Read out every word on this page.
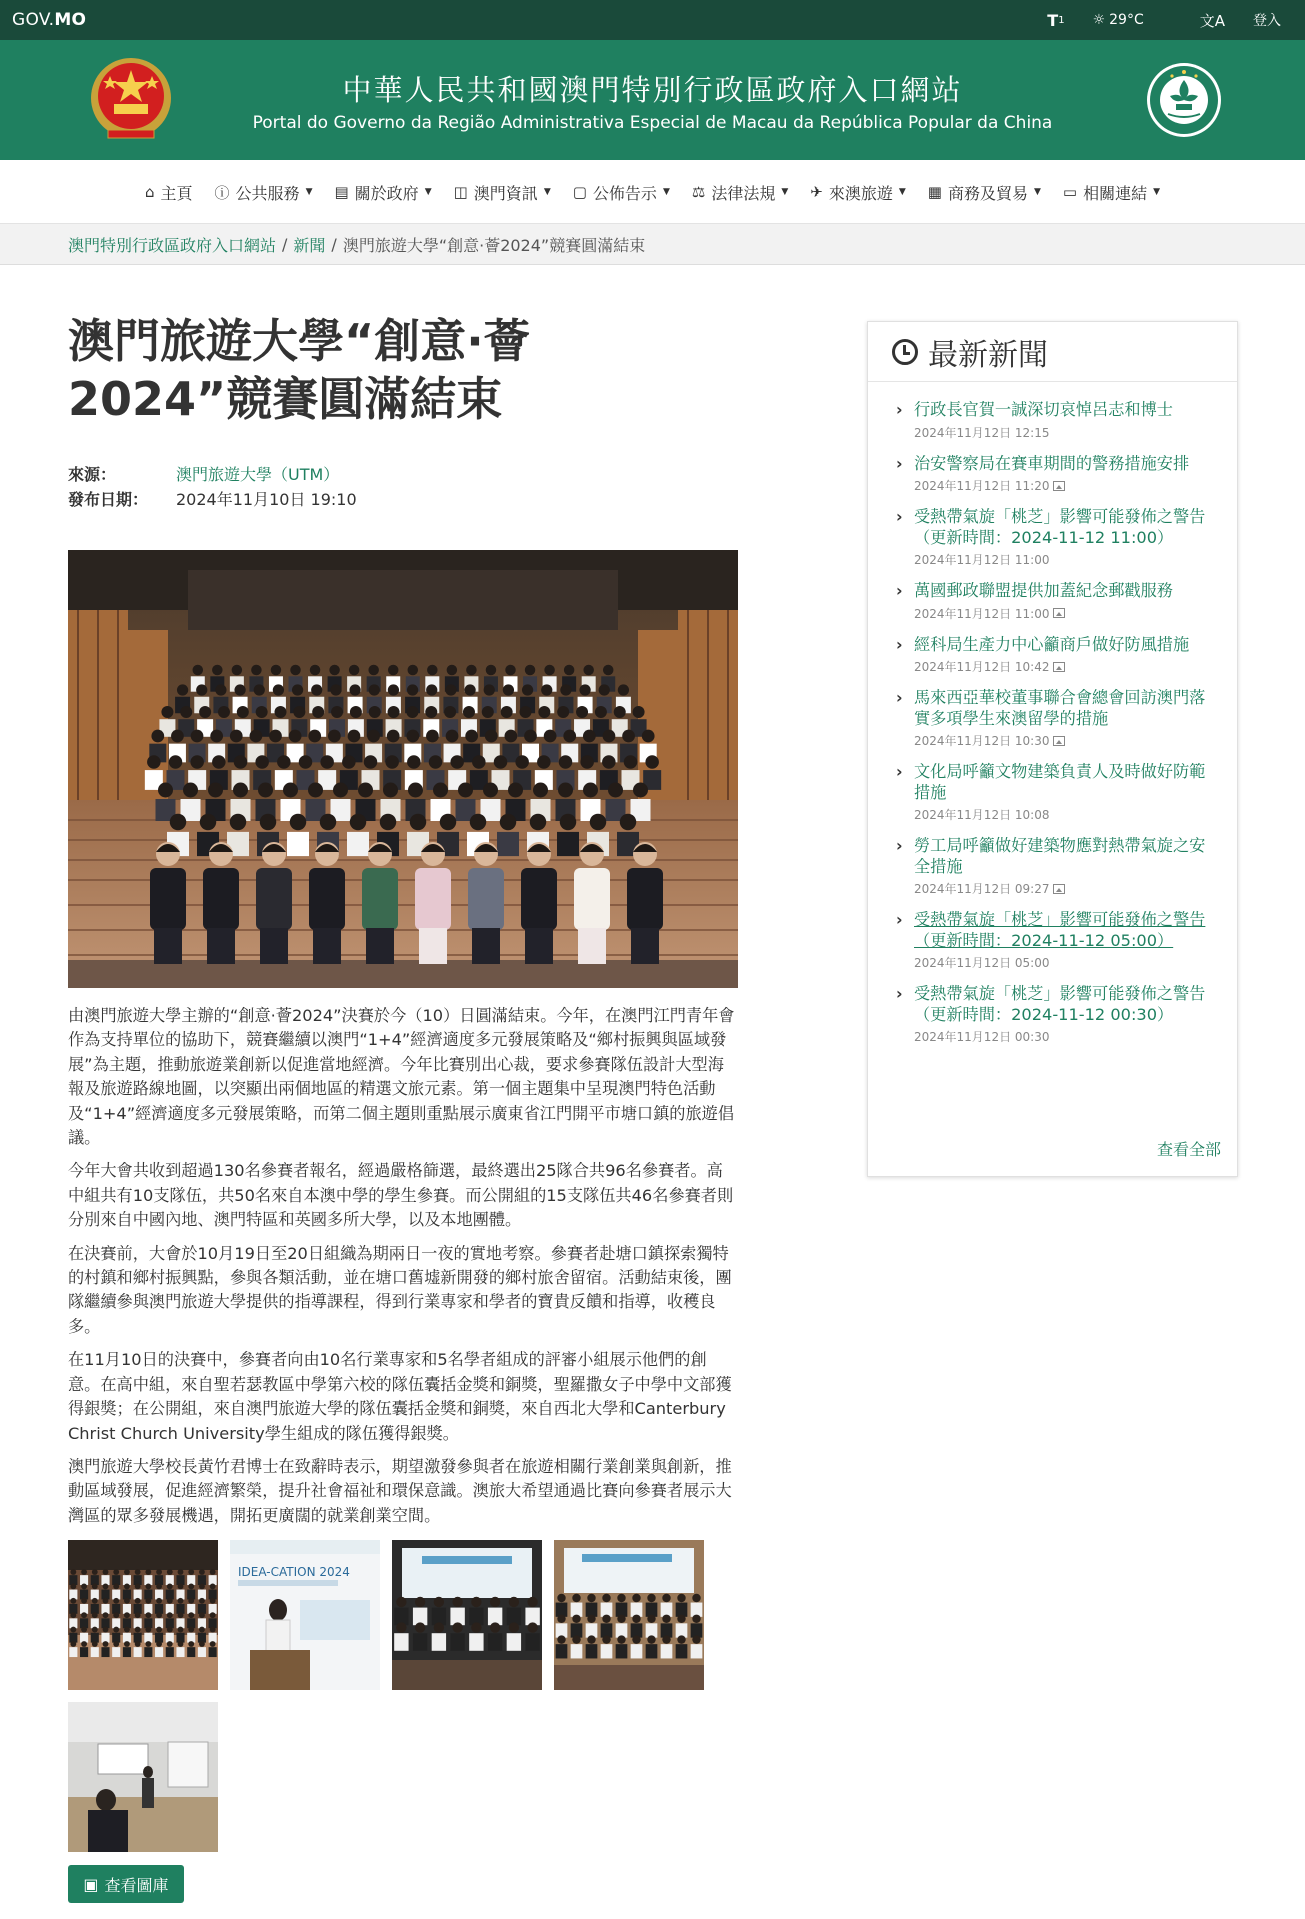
GOV.MO	T 1 ☼ 29°C	文A 登入
中華人民共和國澳門特別行政區政府入口網站
Portal do Governo da Região Administrativa Especial de Macau da República Popular da China
⌂ 主頁 ⓘ 公共服務 ▼ ▤ 關於政府 ▼ ◫ 澳門資訊 ▼ ▢ 公佈告示 ▼ ⚖ 法律法規 ▼ ✈ 來澳旅遊 ▼ ▦ 商務及貿易 ▼ ▭ 相關連結 ▼
澳門特別行政區政府入口網站 / 新聞 / 澳門旅遊大學“創意·薈2024”競賽圓滿結束
澳門旅遊大學“創意·薈
2024”競賽圓滿結束
來源：	澳門旅遊大學（UTM）
發布日期：	2024年11月10日 19:10

由澳門旅遊大學主辦的“創意·薈2024”決賽於今（10）日圓滿結束。今年，在澳門江門青年會作為支持單位的協助下，競賽繼續以澳門“1+4”經濟適度多元發展策略及“鄉村振興與區域發展”為主題，推動旅遊業創新以促進當地經濟。今年比賽別出心裁，要求參賽隊伍設計大型海報及旅遊路線地圖，以突顯出兩個地區的精選文旅元素。第一個主題集中呈現澳門特色活動及“1+4”經濟適度多元發展策略，而第二個主題則重點展示廣東省江門開平市塘口鎮的旅遊倡議。

今年大會共收到超過130名參賽者報名，經過嚴格篩選，最終選出25隊合共96名參賽者。高中組共有10支隊伍，共50名來自本澳中學的學生參賽。而公開組的15支隊伍共46名參賽者則分別來自中國內地、澳門特區和英國多所大學，以及本地團體。

在決賽前，大會於10月19日至20日組織為期兩日一夜的實地考察。參賽者赴塘口鎮探索獨特的村鎮和鄉村振興點，參與各類活動，並在塘口舊墟新開發的鄉村旅舍留宿。活動結束後，團隊繼續參與澳門旅遊大學提供的指導課程，得到行業專家和學者的寶貴反饋和指導，收穫良多。

在11月10日的決賽中，參賽者向由10名行業專家和5名學者組成的評審小組展示他們的創意。在高中組，來自聖若瑟教區中學第六校的隊伍囊括金獎和銅獎，聖羅撒女子中學中文部獲得銀獎；在公開組，來自澳門旅遊大學的隊伍囊括金獎和銅獎，來自西北大學和Canterbury Christ Church University學生組成的隊伍獲得銀獎。

澳門旅遊大學校長黃竹君博士在致辭時表示，期望激發參與者在旅遊相關行業創業與創新，推動區域發展，促進經濟繁榮，提升社會福祉和環保意識。澳旅大希望通過比賽向參賽者展示大灣區的眾多發展機遇，開拓更廣闊的就業創業空間。

IDEA-CATION 2024
▣ 查看圖庫
最新新聞
› 行政長官賀一誠深切哀悼呂志和博士
2024年11月12日 12:15
› 治安警察局在賽車期間的警務措施安排
2024年11月12日 11:20
› 受熱帶氣旋「桃芝」影響可能發佈之警告（更新時間：2024-11-12 11:00）
2024年11月12日 11:00
› 萬國郵政聯盟提供加蓋紀念郵戳服務
2024年11月12日 11:00
› 經科局生產力中心籲商戶做好防風措施
2024年11月12日 10:42
› 馬來西亞華校董事聯合會總會回訪澳門落實多項學生來澳留學的措施
2024年11月12日 10:30
› 文化局呼籲文物建築負責人及時做好防範措施
2024年11月12日 10:08
› 勞工局呼籲做好建築物應對熱帶氣旋之安全措施
2024年11月12日 09:27
› 受熱帶氣旋「桃芝」影響可能發佈之警告（更新時間：2024-11-12 05:00）
2024年11月12日 05:00
› 受熱帶氣旋「桃芝」影響可能發佈之警告（更新時間：2024-11-12 00:30）
2024年11月12日 00:30
查看全部
